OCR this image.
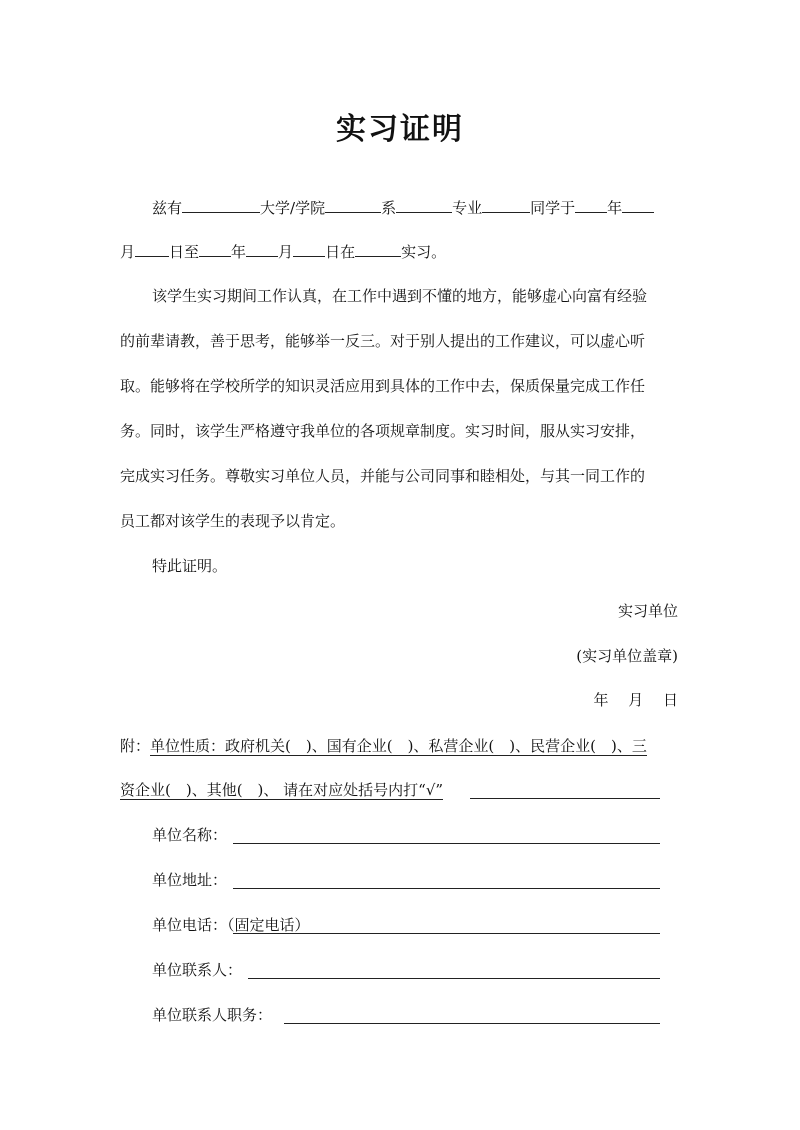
实习证明
兹有	大学/学院	系	专业	同学于 年
月 日至 年 月 日在	实习。
该学生实习期间工作认真，在工作中遇到不懂的地方，能够虚心向富有经验
的前辈请教，善于思考，能够举一反三。对于别人提出的工作建议，可以虚心听
取。能够将在学校所学的知识灵活应用到具体的工作中去，保质保量完成工作任
务。同时，该学生严格遵守我单位的各项规章制度。实习时间，服从实习安排，
完成实习任务。尊敬实习单位人员，并能与公司同事和睦相处，与其一同工作的
员工都对该学生的表现予以肯定。
特此证明。
实习单位
(实习单位盖章)
年　 月　 日
附：单位性质：政府机关(　)、国有企业(　)、私营企业(　)、民营企业(　)、三
资企业(　)、其他(　)、 请在对应处括号内打“√”
单位名称：
单位地址：
单位电话：（固定电话）
单位联系人：
单位联系人职务：
